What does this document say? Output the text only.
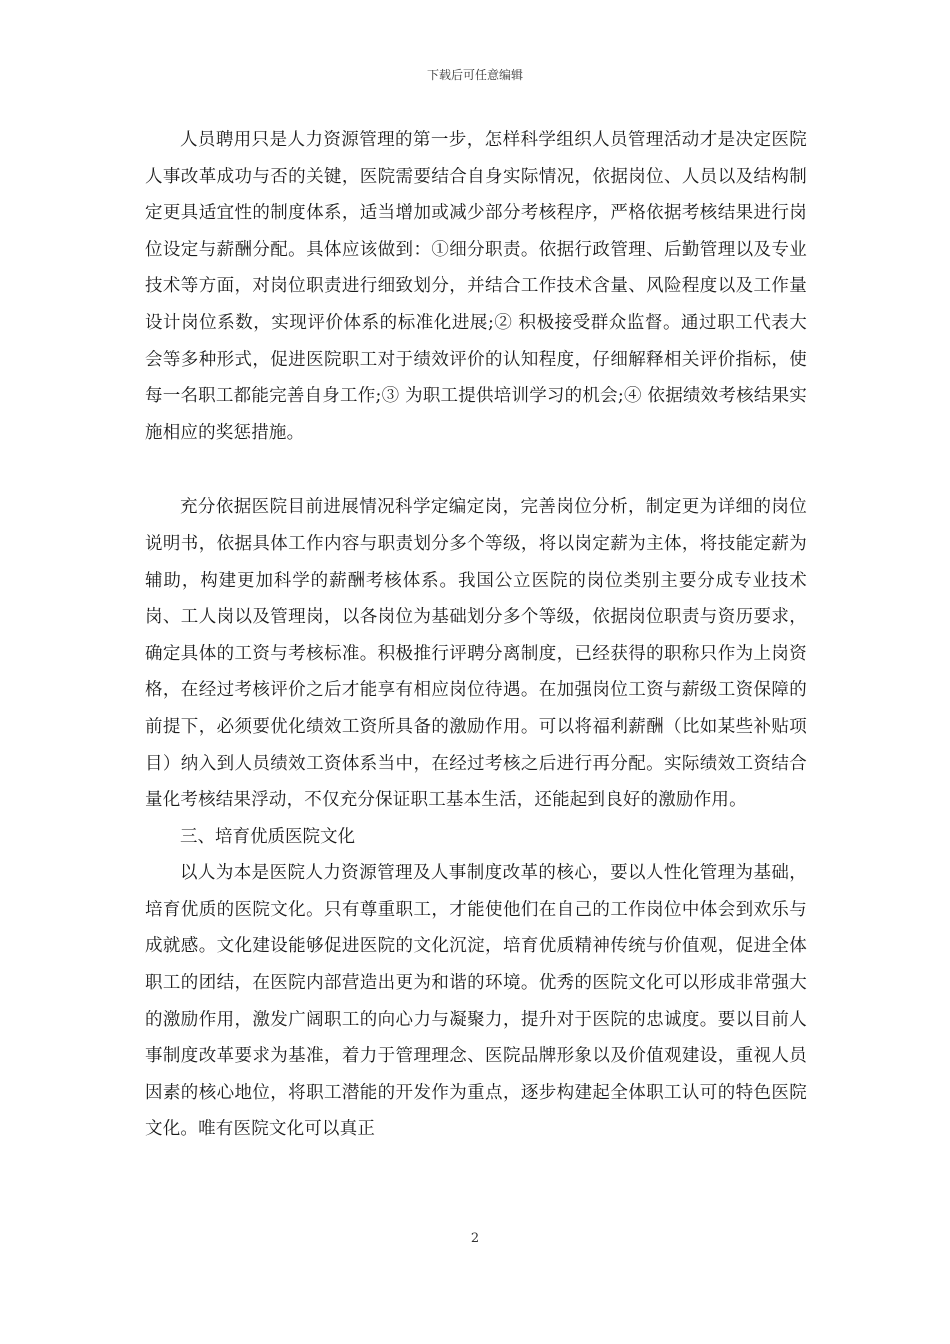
下载后可任意编辑

人员聘用只是人力资源管理的第一步，怎样科学组织人员管理活动才是决定医院人事改革成功与否的关键，医院需要结合自身实际情况，依据岗位、人员以及结构制定更具适宜性的制度体系，适当增加或减少部分考核程序，严格依据考核结果进行岗位设定与薪酬分配。具体应该做到：①细分职责。依据行政管理、后勤管理以及专业技术等方面，对岗位职责进行细致划分，并结合工作技术含量、风险程度以及工作量设计岗位系数，实现评价体系的标准化进展;② 积极接受群众监督。通过职工代表大会等多种形式，促进医院职工对于绩效评价的认知程度，仔细解释相关评价指标，使每一名职工都能完善自身工作;③ 为职工提供培训学习的机会;④ 依据绩效考核结果实施相应的奖惩措施。

充分依据医院目前进展情况科学定编定岗，完善岗位分析，制定更为详细的岗位说明书，依据具体工作内容与职责划分多个等级，将以岗定薪为主体，将技能定薪为辅助，构建更加科学的薪酬考核体系。我国公立医院的岗位类别主要分成专业技术岗、工人岗以及管理岗，以各岗位为基础划分多个等级，依据岗位职责与资历要求，确定具体的工资与考核标准。积极推行评聘分离制度，已经获得的职称只作为上岗资格，在经过考核评价之后才能享有相应岗位待遇。在加强岗位工资与薪级工资保障的前提下，必须要优化绩效工资所具备的激励作用。可以将福利薪酬（比如某些补贴项目）纳入到人员绩效工资体系当中，在经过考核之后进行再分配。实际绩效工资结合量化考核结果浮动，不仅充分保证职工基本生活，还能起到良好的激励作用。

三、培育优质医院文化

以人为本是医院人力资源管理及人事制度改革的核心，要以人性化管理为基础，培育优质的医院文化。只有尊重职工，才能使他们在自己的工作岗位中体会到欢乐与成就感。文化建设能够促进医院的文化沉淀，培育优质精神传统与价值观，促进全体职工的团结，在医院内部营造出更为和谐的环境。优秀的医院文化可以形成非常强大的激励作用，激发广阔职工的向心力与凝聚力，提升对于医院的忠诚度。要以目前人事制度改革要求为基准，着力于管理理念、医院品牌形象以及价值观建设，重视人员因素的核心地位，将职工潜能的开发作为重点，逐步构建起全体职工认可的特色医院文化。唯有医院文化可以真正

2
